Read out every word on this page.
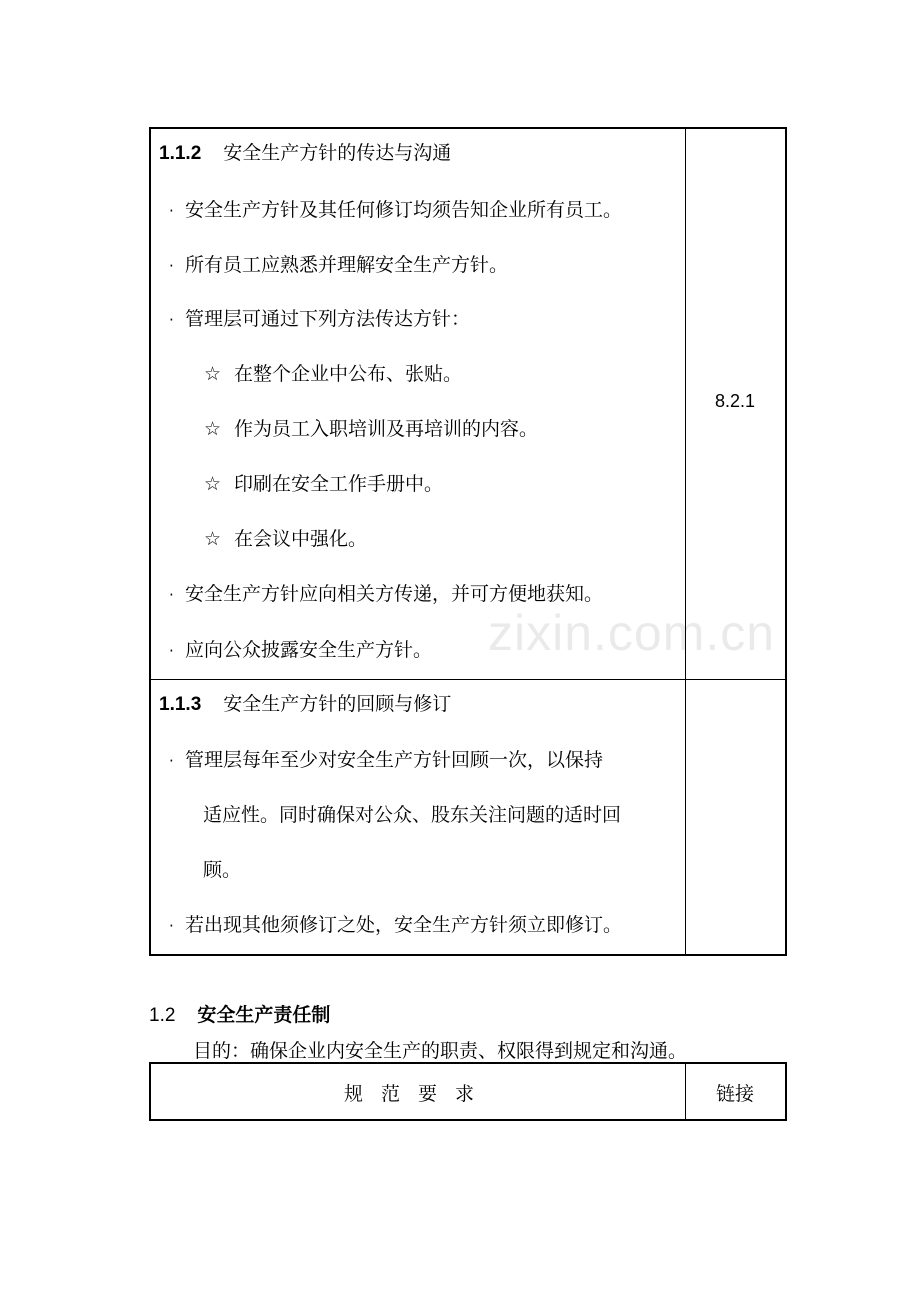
1.1.2 安全生产方针的传达与沟通
· 安全生产方针及其任何修订均须告知企业所有员工。
· 所有员工应熟悉并理解安全生产方针。
· 管理层可通过下列方法传达方针：
☆ 在整个企业中公布、张贴。
☆ 作为员工入职培训及再培训的内容。
☆ 印刷在安全工作手册中。
☆ 在会议中强化。
· 安全生产方针应向相关方传递，并可方便地获知。
· 应向公众披露安全生产方针。
8.2.1
1.1.3 安全生产方针的回顾与修订
· 管理层每年至少对安全生产方针回顾一次，以保持
适应性。同时确保对公众、股东关注问题的适时回
顾。
· 若出现其他须修订之处，安全生产方针须立即修订。
zixin.com.cn
1.2 安全生产责任制
目的：确保企业内安全生产的职责、权限得到规定和沟通。
规范要求	链接
